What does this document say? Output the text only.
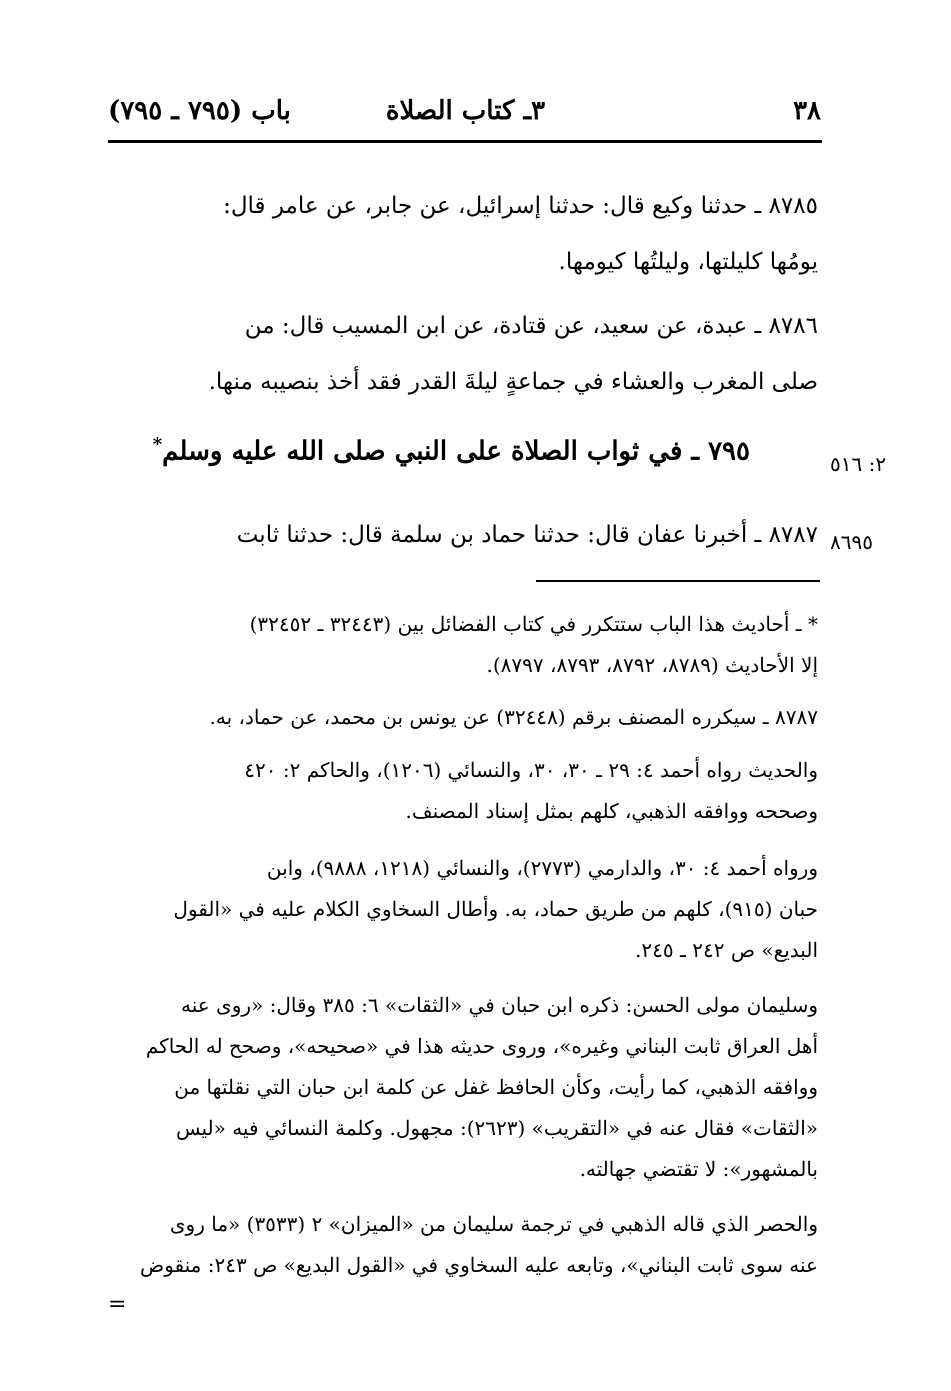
٣٨
٣ـ كتاب الصلاة
باب (٧٩٥ ـ ٧٩٥)
٨٧٨٥ ـ حدثنا وكيع قال: حدثنا إسرائيل، عن جابر، عن عامر قال:
يومُها كليلتها، وليلتُها كيومها.
٨٧٨٦ ـ عبدة، عن سعيد، عن قتادة، عن ابن المسيب قال: من
صلى المغرب والعشاء في جماعةٍ ليلةَ القدر فقد أخذ بنصيبه منها.
٢: ٥١٦
٧٩٥ ـ في ثواب الصلاة على النبي صلى الله عليه وسلم*
٨٦٩٥
٨٧٨٧ ـ أخبرنا عفان قال: حدثنا حماد بن سلمة قال: حدثنا ثابت
* ـ أحاديث هذا الباب ستتكرر في كتاب الفضائل بين (٣٢٤٤٣ ـ ٣٢٤٥٢)
إلا الأحاديث (٨٧٨٩، ٨٧٩٢، ٨٧٩٣، ٨٧٩٧).
٨٧٨٧ ـ سيكرره المصنف برقم (٣٢٤٤٨) عن يونس بن محمد، عن حماد، به.
والحديث رواه أحمد ٤: ٢٩ ـ ٣٠، ٣٠، والنسائي (١٢٠٦)، والحاكم ٢: ٤٢٠
وصححه ووافقه الذهبي، كلهم بمثل إسناد المصنف.
ورواه أحمد ٤: ٣٠، والدارمي (٢٧٧٣)، والنسائي (١٢١٨، ٩٨٨٨)، وابن
حبان (٩١٥)، كلهم من طريق حماد، به. وأطال السخاوي الكلام عليه في «القول
البديع» ص ٢٤٢ ـ ٢٤٥.
وسليمان مولى الحسن: ذكره ابن حبان في «الثقات» ٦: ٣٨٥ وقال: «روى عنه
أهل العراق ثابت البناني وغيره»، وروى حديثه هذا في «صحيحه»، وصحح له الحاكم
ووافقه الذهبي، كما رأيت، وكأن الحافظ غفل عن كلمة ابن حبان التي نقلتها من
«الثقات» فقال عنه في «التقريب» (٢٦٢٣): مجهول. وكلمة النسائي فيه «ليس
بالمشهور»: لا تقتضي جهالته.
والحصر الذي قاله الذهبي في ترجمة سليمان من «الميزان» ٢ (٣٥٣٣) «ما روى
عنه سوى ثابت البناني»، وتابعه عليه السخاوي في «القول البديع» ص ٢٤٣: منقوض
=
